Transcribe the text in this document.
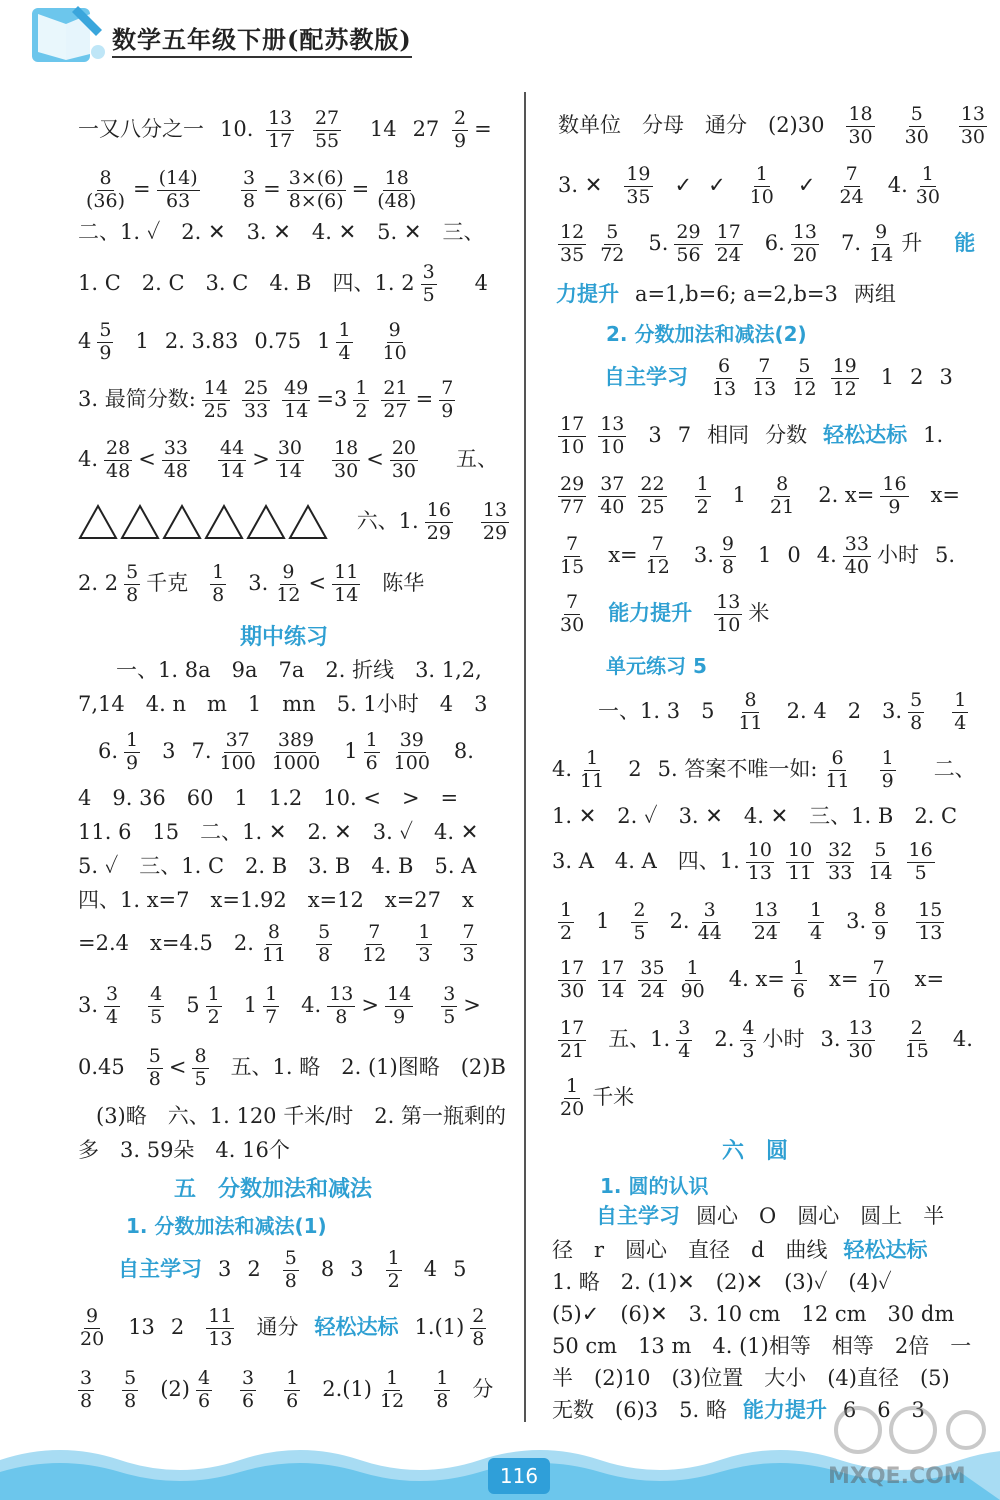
数学五年级下册(配苏教版)
一又八分之一 10. $\frac{13}{17}$
$\frac{27}{55} 14$ $27 \frac{2}{9}$ =
$\frac{8}{(36)} = \frac{(14)}{63}$
$\frac{3}{8} = \frac{3\times(6)}{8\times(6)} = \frac{18}{(48)}$
二、1. ✓　2. ✕　3. ✕　4. ✕　5. ✕　三、
1. C　2. C　3. C　4. B　四、1. $2 \frac{3}{5} 4$
$4 \frac{5}{9} 1$ 2. 3.83 0.75 $1 \frac{1}{4} \frac{9}{10}$
3. 最简分数: $\frac{14}{25} \frac{25}{33} \frac{49}{14} =3 \frac{1}{2} \frac{21}{27} = \frac{7}{9}$
4. $\frac{28}{48} < \frac{33}{48} \frac{44}{14} > \frac{30}{14} \frac{18}{30} < \frac{20}{30}$ 五、
六、1. $\frac{16}{29} \frac{13}{29}$
2. $2 \frac{5}{8}$ 千克 $\frac{1}{8} 3$. $\frac{9}{12} < \frac{11}{14}$ 陈华
期中练习
一、1. 8a　9a　7a　2. 折线　3. 1,2,
7,14　4. n　m　1　mn　5. 1小时　4　3
6. $\frac{1}{9} 3$ 7. $\frac{37}{100} \frac{389}{1000} 1 \frac{1}{6} \frac{39}{100} 8$.
4　9. 36　60　1　1.2　10. <　>　=
11. 6　15　二、1. ✕　2. ✕　3. ✓　4. ✕
5. ✓　三、1. C　2. B　3. B　4. B　5. A
四、1. x=7　x=1.92　x=12　x=27　x
=2.4　x=4.5　2. $\frac{8}{11} \frac{5}{8} \frac{7}{12} \frac{1}{3} \frac{7}{3}$
3. $\frac{3}{4} \frac{4}{5} 5 \frac{1}{2} 1 \frac{1}{7} 4$. $\frac{13}{8} > \frac{14}{9} \frac{3}{5}$ >
$0.45 \frac{5}{8} < \frac{8}{5}$ 五、1. 略　2. (1)图略　(2)B
(3)略　六、1. 120 千米/时　2. 第一瓶剩的
多　3. 59朵　4. 16个
五　分数加法和减法
1. 分数加法和减法(1)
自主学习 3 $2 \frac{5}{8} 8$ $3 \frac{1}{2} 4$ 5
$\frac{9}{20} 13$ $2 \frac{11}{13}$ 通分 轻松达标 $1.(1) \frac{2}{8}$
$\frac{3}{8} \frac{5}{8} (2) \frac{4}{6} \frac{3}{6} \frac{1}{6} 2.(1) \frac{1}{12} \frac{1}{8}$ 分
数单位　分母　通分　$(2)30 \frac{18}{30} \frac{5}{30} \frac{13}{30}$
3. ✕ $\frac{19}{35}$ ✓ ✓ $\frac{1}{10}$ ✓ $\frac{7}{24} 4$. $\frac{1}{30}$
$\frac{12}{35} \frac{5}{72} 5$. $\frac{29}{56} \frac{17}{24} 6$. $\frac{13}{20} 7$. $\frac{9}{14}$ 升 能
力提升 a=1,b=6; a=2,b=3 两组
2. 分数加法和减法(2)
自主学习 $\frac{6}{13} \frac{7}{13} \frac{5}{12} \frac{19}{12} 1$ 2 3
$\frac{17}{10} \frac{13}{10} 3$ 7 相同 分数 轻松达标 1.
$\frac{29}{77} \frac{37}{40} \frac{22}{25} \frac{1}{2} 1 \frac{8}{21} 2$. $x= \frac{16}{9} x=$
$\frac{7}{15} x= \frac{7}{12} 3$. $\frac{9}{8} 1$ 0 4. $\frac{33}{40}$ 小时 5.
$\frac{7}{30}$ 能力提升 $\frac{13}{10}$ 米
单元练习 5
一、1. 3　$5 \frac{8}{11} 2$. 4　2　3. $\frac{5}{8} \frac{1}{4}$
4. $\frac{1}{11} 2$ 5. 答案不唯一如: $\frac{6}{11} \frac{1}{9}$ 二、
1. ✕　2. ✓　3. ✕　4. ✕　三、1. B　2. C
3. A　4. A　四、1. $\frac{10}{13} \frac{10}{11} \frac{32}{33} \frac{5}{14} \frac{16}{5}$
$\frac{1}{2} 1 \frac{2}{5} 2$. $\frac{3}{44} \frac{13}{24} \frac{1}{4} 3$. $\frac{8}{9} \frac{15}{13}$
$\frac{17}{30} \frac{17}{14} \frac{35}{24} \frac{1}{90} 4$. $x= \frac{1}{6} x= \frac{7}{10} x=$
$\frac{17}{21}$ 五、1. $\frac{3}{4} 2$. $\frac{4}{3}$ 小时 3. $\frac{13}{30} \frac{2}{15} 4$.
$\frac{1}{20}$ 千米
六　圆
1. 圆的认识
自主学习 圆心　O　圆心　圆上　半
径　r　圆心　直径　d　曲线 轻松达标
1. 略　2. (1)✕　(2)✕　(3)✓　(4)✓
(5)✓　(6)✕　3. 10 cm　12 cm　30 dm
50 cm　13 m　4. (1)相等　相等　2倍　一
半　(2)10　(3)位置　大小　(4)直径　(5)
无数　(6)3　5. 略 能力提升 6　6　3
116	MXQE.COM
